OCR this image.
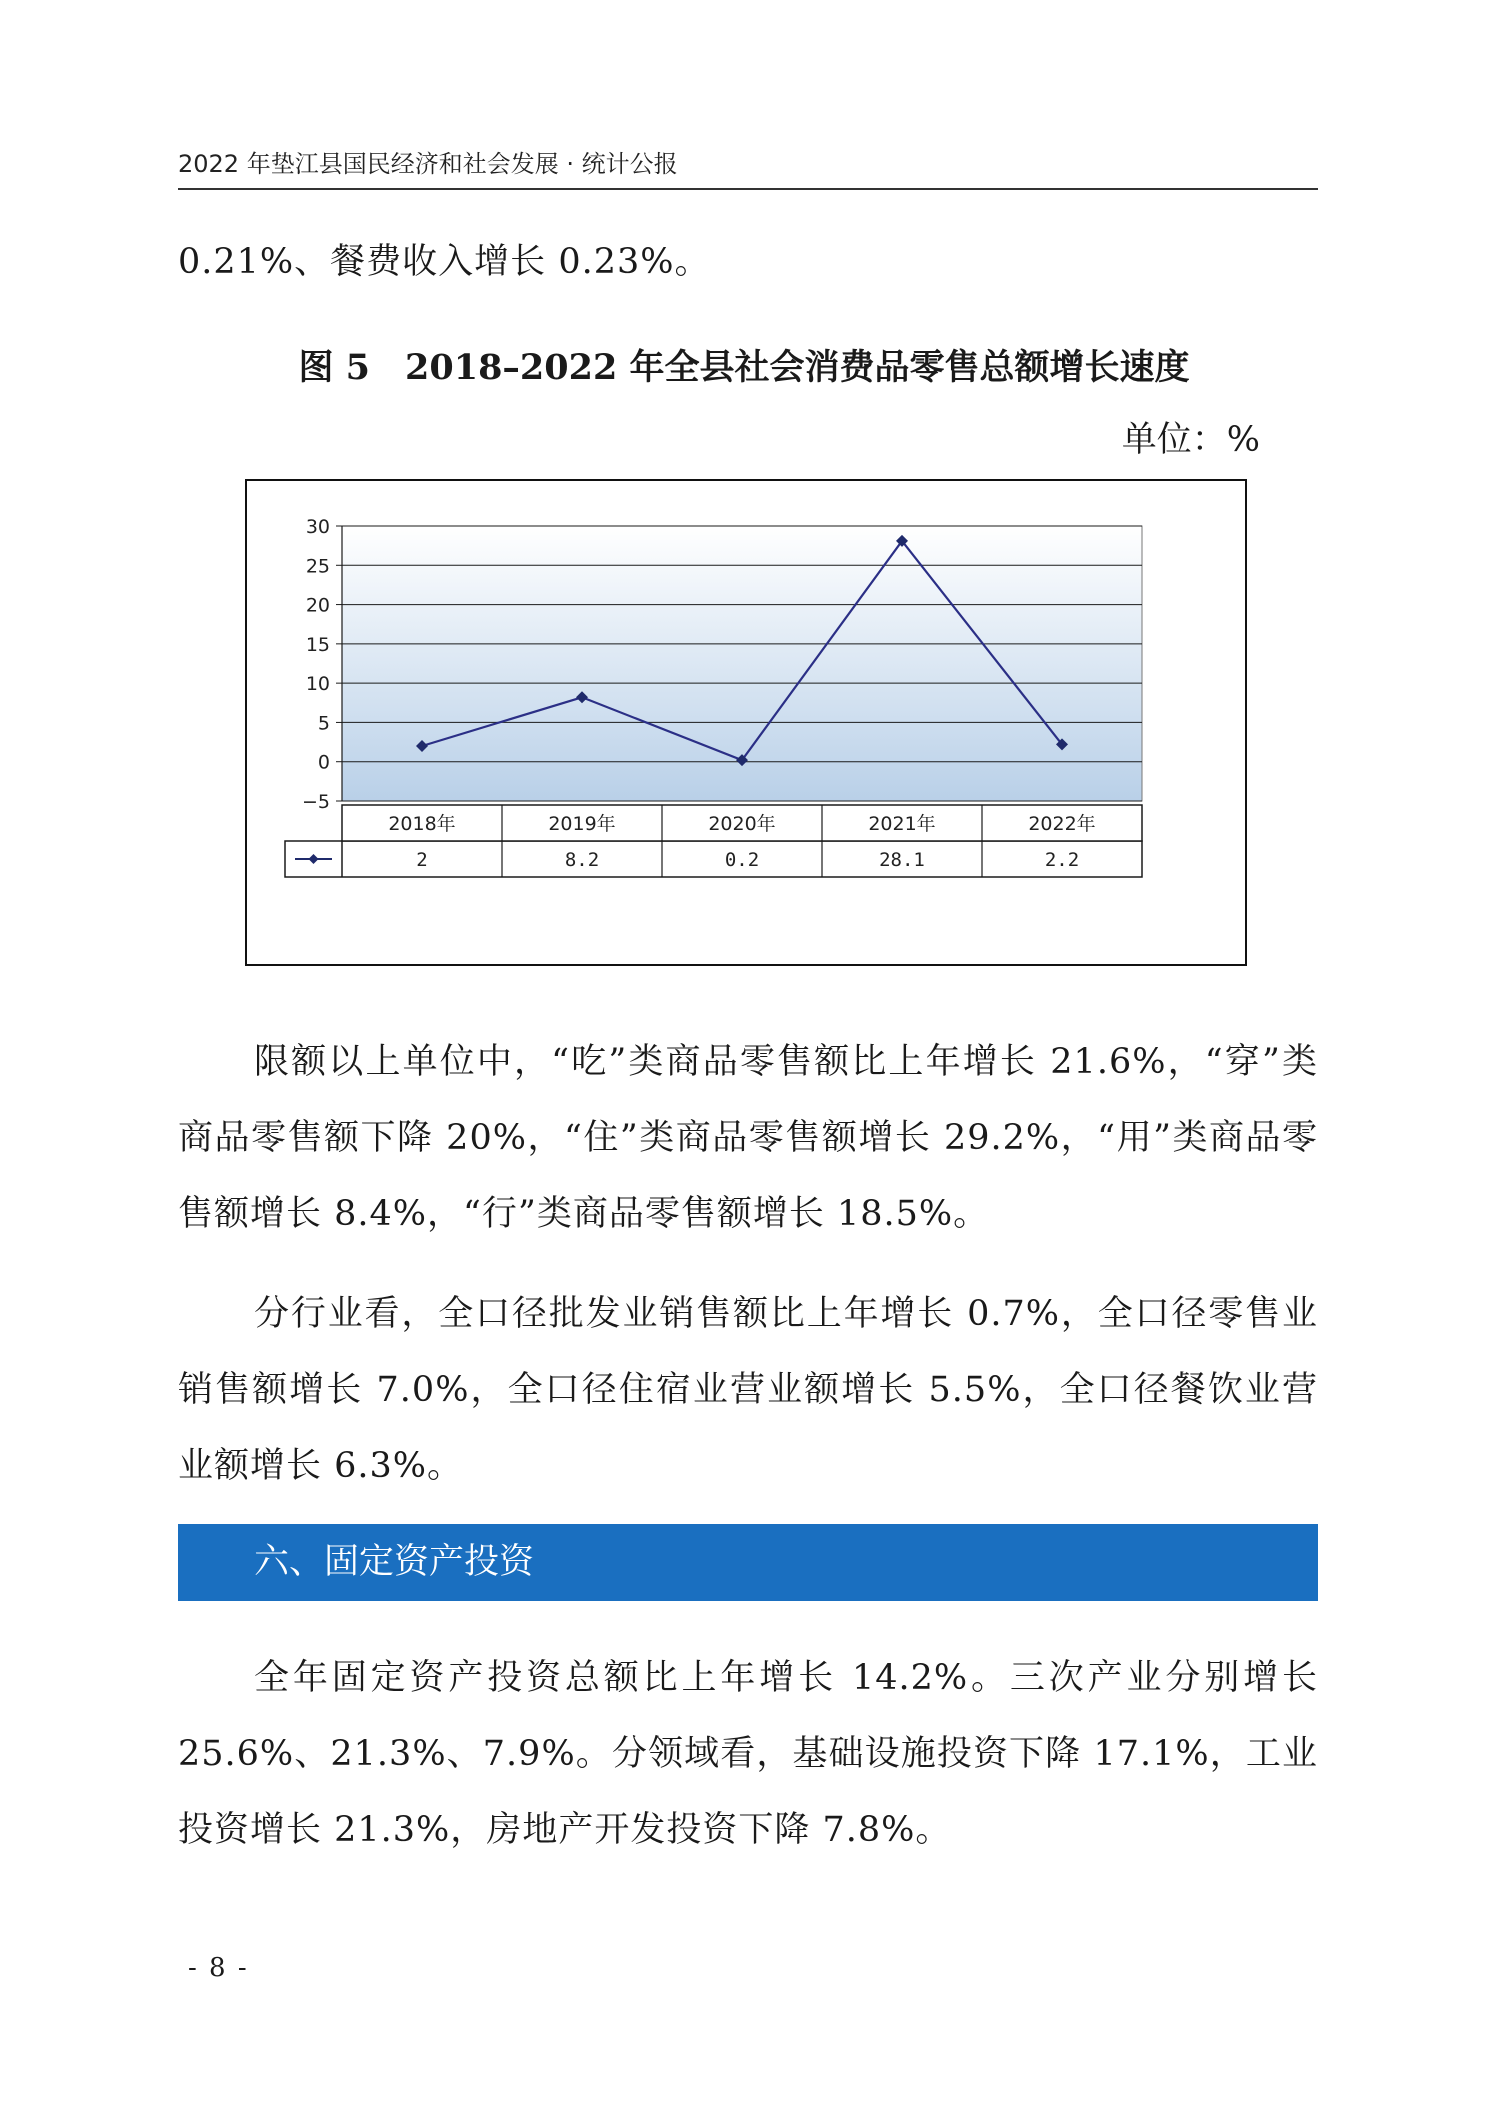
2022 年垫江县国民经济和社会发展 · 统计公报
0.21%、餐费收入增长 0.23%。
图 5　2018–2022 年全县社会消费品零售总额增长速度
单位：%
30
25
20
15
10
5
0
−5
2018年
2
2019年
8.2
2020年
0.2
2021年
28.1
2022年
2.2
限额以上单位中，“吃”类商品零售额比上年增长 21.6%，“穿”类商品零售额下降 20%，“住”类商品零售额增长 29.2%，“用”类商品零售额增长 8.4%，“行”类商品零售额增长 18.5%。
分行业看，全口径批发业销售额比上年增长 0.7%，全口径零售业销售额增长 7.0%，全口径住宿业营业额增长 5.5%，全口径餐饮业营业额增长 6.3%。
六、固定资产投资
全年固定资产投资总额比上年增长 14.2%。三次产业分别增长 25.6%、21.3%、7.9%。分领域看，基础设施投资下降 17.1%，工业投资增长 21.3%，房地产开发投资下降 7.8%。
- 8 -
